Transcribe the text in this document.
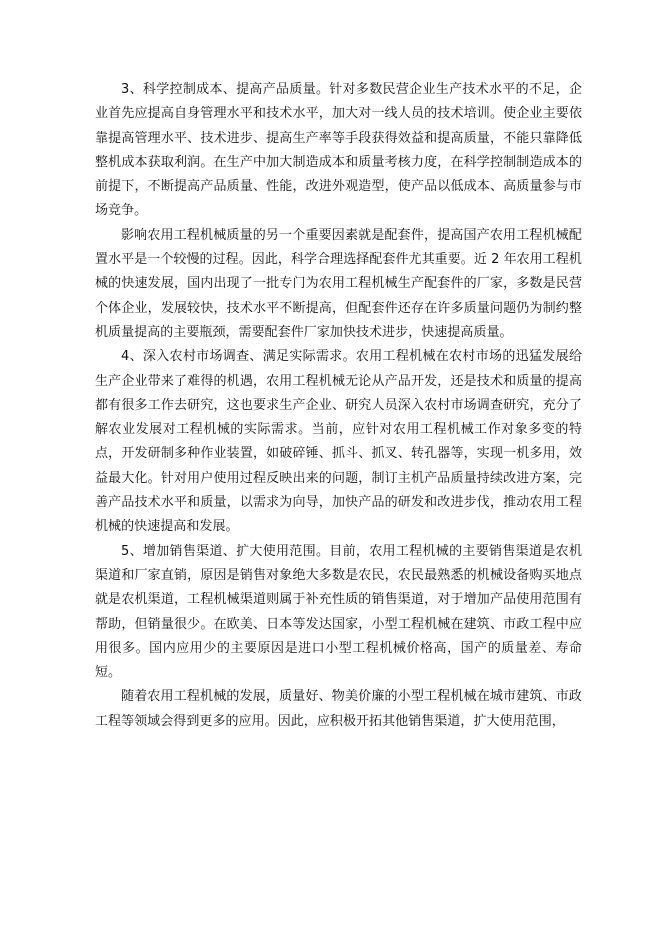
3、科学控制成本、提高产品质量。针对多数民营企业生产技术水平的不足，企业首先应提高自身管理水平和技术水平，加大对一线人员的技术培训。使企业主要依靠提高管理水平、技术进步、提高生产率等手段获得效益和提高质量，不能只靠降低整机成本获取利润。在生产中加大制造成本和质量考核力度，在科学控制制造成本的前提下，不断提高产品质量、性能，改进外观造型，使产品以低成本、高质量参与市场竞争。

影响农用工程机械质量的另一个重要因素就是配套件，提高国产农用工程机械配置水平是一个较慢的过程。因此，科学合理选择配套件尤其重要。近 2 年农用工程机械的快速发展，国内出现了一批专门为农用工程机械生产配套件的厂家，多数是民营个体企业，发展较快，技术水平不断提高，但配套件还存在许多质量问题仍为制约整机质量提高的主要瓶颈，需要配套件厂家加快技术进步，快速提高质量。

4、深入农村市场调查、满足实际需求。农用工程机械在农村市场的迅猛发展给生产企业带来了难得的机遇，农用工程机械无论从产品开发，还是技术和质量的提高都有很多工作去研究，这也要求生产企业、研究人员深入农村市场调查研究，充分了解农业发展对工程机械的实际需求。当前，应针对农用工程机械工作对象多变的特点，开发研制多种作业装置，如破碎锤、抓斗、抓叉、转孔器等，实现一机多用，效益最大化。针对用户使用过程反映出来的问题，制订主机产品质量持续改进方案，完善产品技术水平和质量，以需求为向导，加快产品的研发和改进步伐，推动农用工程机械的快速提高和发展。

5、增加销售渠道、扩大使用范围。目前，农用工程机械的主要销售渠道是农机渠道和厂家直销，原因是销售对象绝大多数是农民，农民最熟悉的机械设备购买地点就是农机渠道，工程机械渠道则属于补充性质的销售渠道，对于增加产品使用范围有帮助，但销量很少。在欧美、日本等发达国家，小型工程机械在建筑、市政工程中应用很多。国内应用少的主要原因是进口小型工程机械价格高，国产的质量差、寿命短。

随着农用工程机械的发展，质量好、物美价廉的小型工程机械在城市建筑、市政工程等领域会得到更多的应用。因此，应积极开拓其他销售渠道，扩大使用范围，
